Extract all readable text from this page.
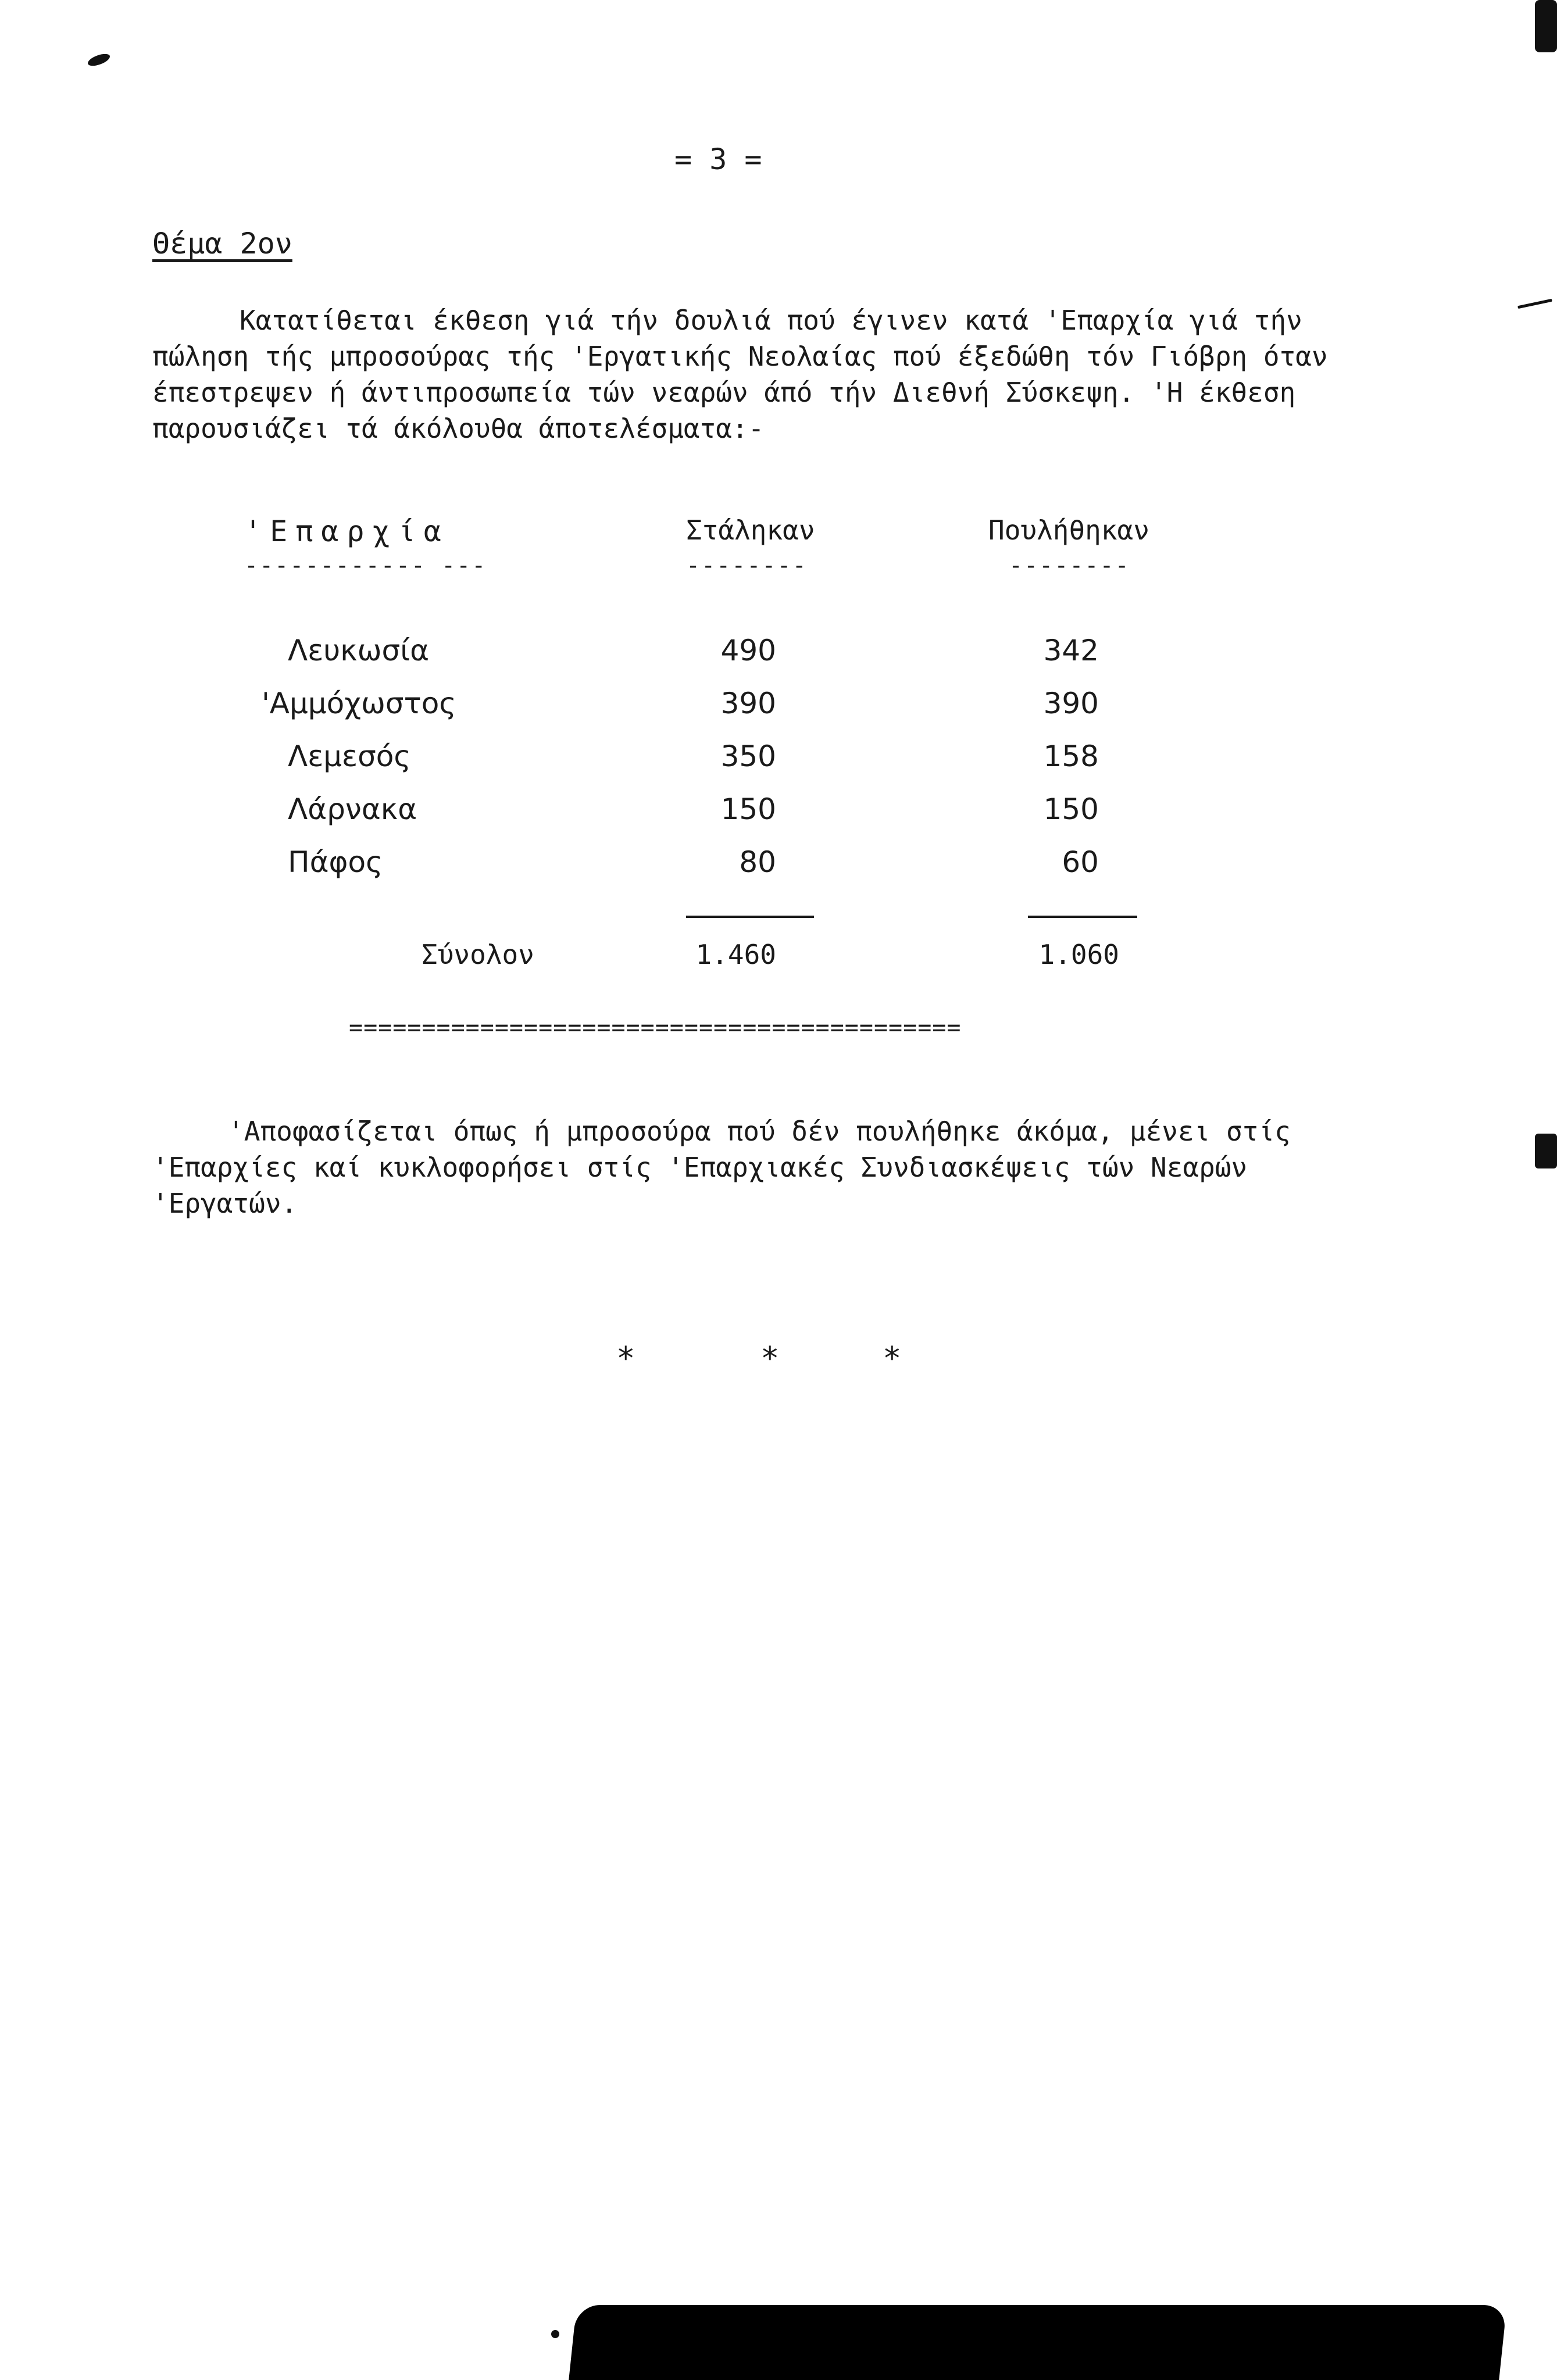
= 3 =
Θέμα 2ον
Κατατίθεται έκθεση γιά τήν δουλιά πού έγινεν κατά 'Επαρχία γιά τήν πώληση τής μπροσούρας τής 'Εργατικής Νεολαίας πού έξεδώθη τόν Γιόβρη όταν έπεστρεψεν ή άντιπροσωπεία τών νεαρών άπό τήν Διεθνή Σύσκεψη. 'Η έκθεση παρουσιάζει τά άκόλουθα άποτελέσματα:-
'Επαρχία	Στάληκαν	Πουλήθηκαν
------------ ---	--------	--------
Λευκωσία	490	342
'Αμμόχωστος	390	390
Λεμεσός	350	158
Λάρνακα	150	150
Πάφος	80	60
Σύνολον	1.460	1.060
==========================================
'Αποφασίζεται όπως ή μπροσούρα πού δέν πουλήθηκε άκόμα, μένει στίς 'Επαρχίες καί κυκλοφορήσει στίς 'Επαρχιακές Συνδιασκέψεις τών Νεαρών 'Εργατών.
*	*	*
